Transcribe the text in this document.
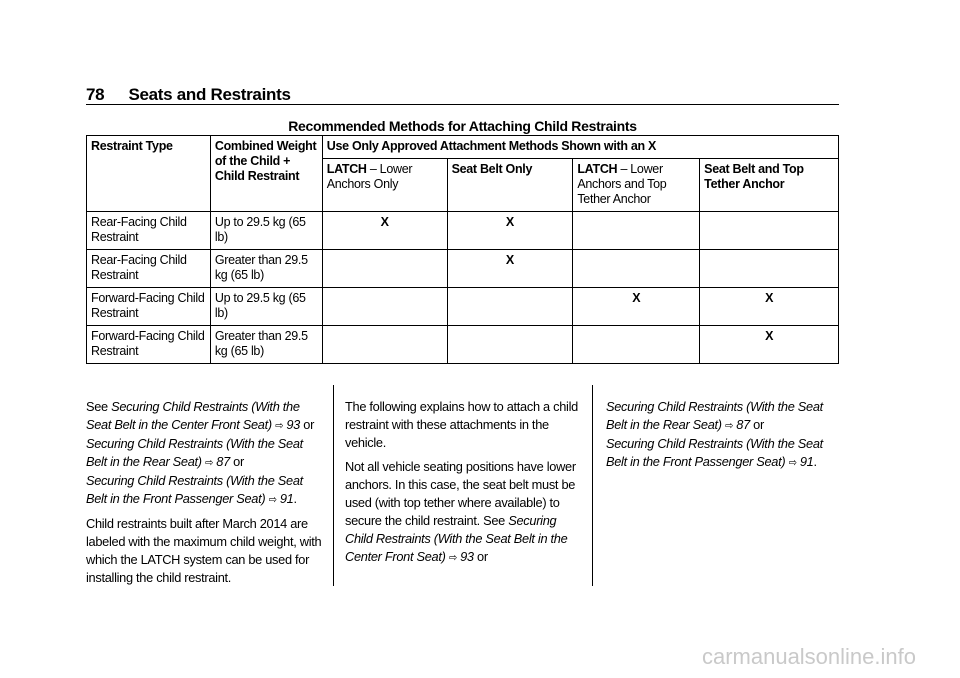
78 Seats and Restraints
Recommended Methods for Attaching Child Restraints
Restraint Type	Combined Weight of the Child + Child Restraint	Use Only Approved Attachment Methods Shown with an X			
		LATCH – Lower Anchors Only	Seat Belt Only	LATCH – Lower Anchors and Top Tether Anchor	Seat Belt and Top Tether Anchor
Rear-Facing Child Restraint	Up to 29.5 kg (65 lb)	X	X		
Rear-Facing Child Restraint	Greater than 29.5 kg (65 lb)		X		
Forward-Facing Child Restraint	Up to 29.5 kg (65 lb)			X	X
Forward-Facing Child Restraint	Greater than 29.5 kg (65 lb)				X

See Securing Child Restraints (With the Seat Belt in the Center Front Seat) ⇨ 93 or
Securing Child Restraints (With the Seat Belt in the Rear Seat) ⇨ 87 or
Securing Child Restraints (With the Seat Belt in the Front Passenger Seat) ⇨ 91.

Child restraints built after March 2014 are labeled with the maximum child weight, with which the LATCH system can be used for installing the child restraint.

The following explains how to attach a child restraint with these attachments in the vehicle.

Not all vehicle seating positions have lower anchors. In this case, the seat belt must be used (with top tether where available) to secure the child restraint. See Securing Child Restraints (With the Seat Belt in the Center Front Seat) ⇨ 93 or

Securing Child Restraints (With the Seat Belt in the Rear Seat) ⇨ 87 or
Securing Child Restraints (With the Seat Belt in the Front Passenger Seat) ⇨ 91.

carmanualsonline.info
